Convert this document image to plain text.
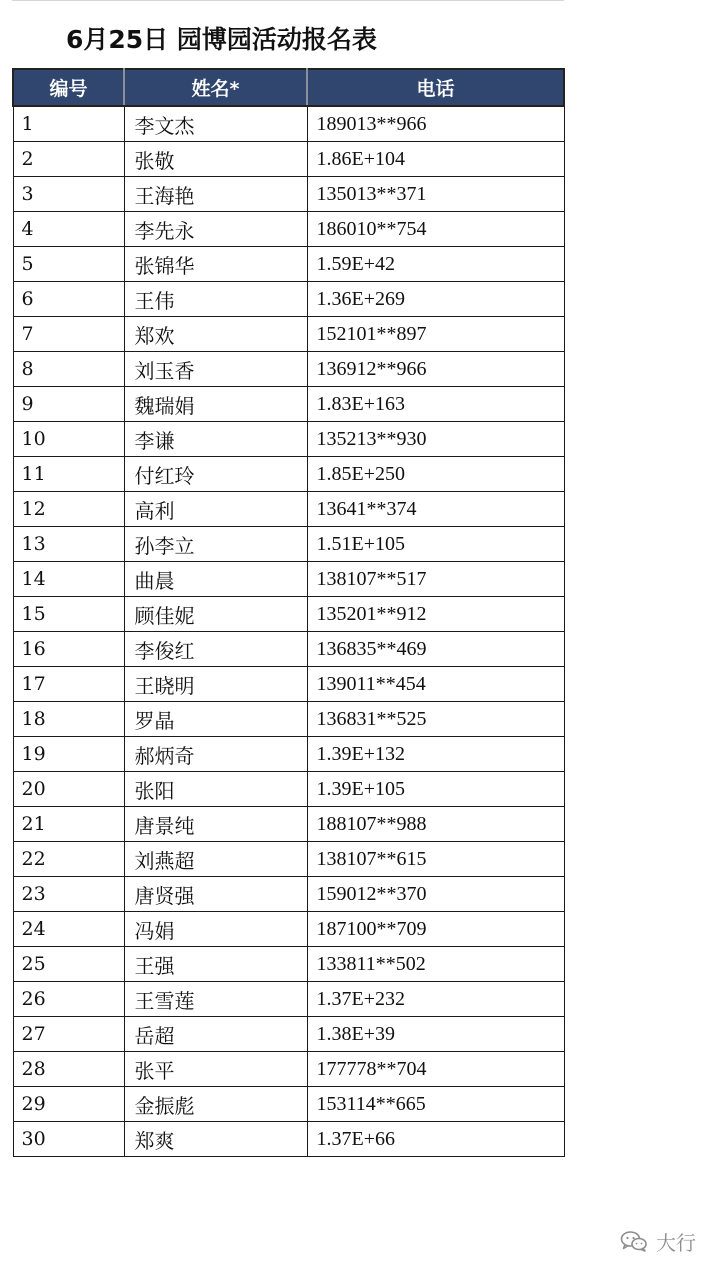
6月25日 园博园活动报名表
编号	姓名*	电话
1	李文杰	189013**966
2	张敬	1.86E+104
3	王海艳	135013**371
4	李先永	186010**754
5	张锦华	1.59E+42
6	王伟	1.36E+269
7	郑欢	152101**897
8	刘玉香	136912**966
9	魏瑞娟	1.83E+163
10	李谦	135213**930
11	付红玲	1.85E+250
12	高利	13641**374
13	孙李立	1.51E+105
14	曲晨	138107**517
15	顾佳妮	135201**912
16	李俊红	136835**469
17	王晓明	139011**454
18	罗晶	136831**525
19	郝炳奇	1.39E+132
20	张阳	1.39E+105
21	唐景纯	188107**988
22	刘燕超	138107**615
23	唐贤强	159012**370
24	冯娟	187100**709
25	王强	133811**502
26	王雪莲	1.37E+232
27	岳超	1.38E+39
28	张平	177778**704
29	金振彪	153114**665
30	郑爽	1.37E+66
大行
